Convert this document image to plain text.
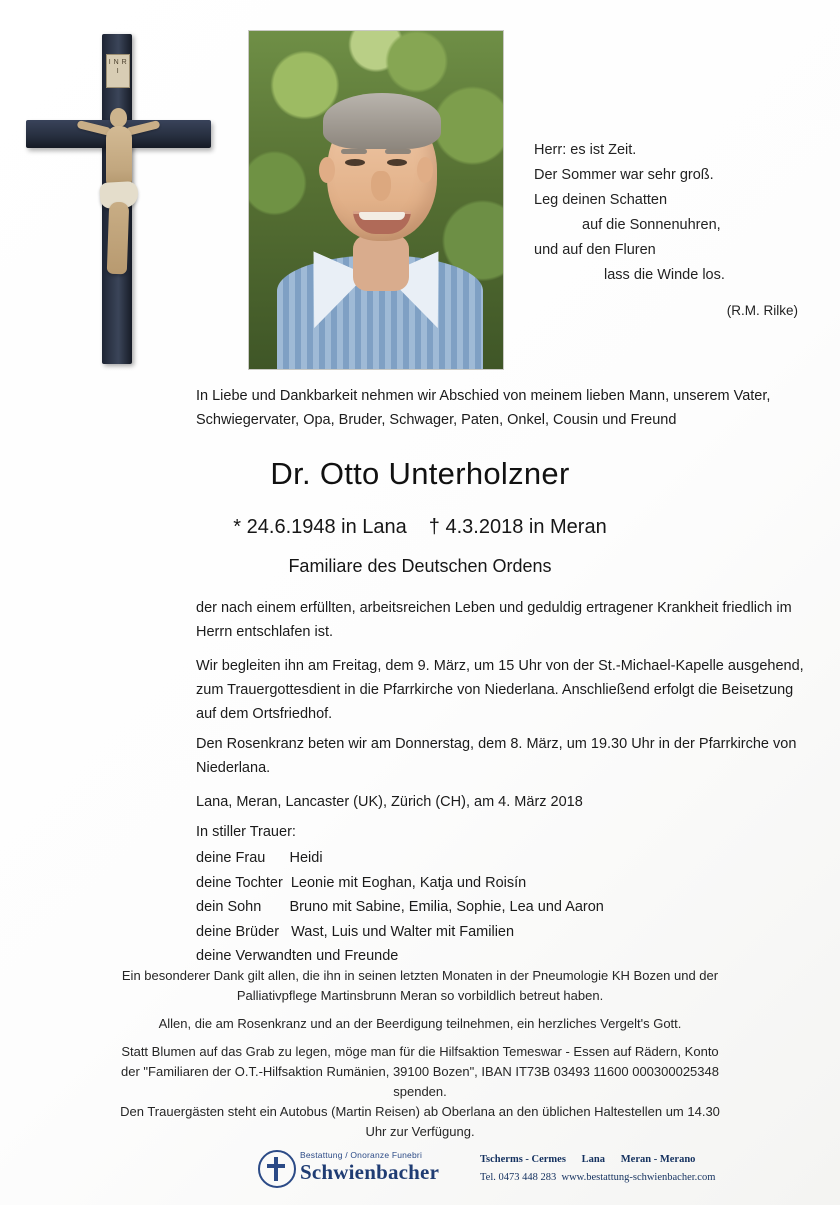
I N R I
Herr: es ist Zeit.
Der Sommer war sehr groß.
Leg deinen Schatten
auf die Sonnenuhren,
und auf den Fluren
lass die Winde los.
(R.M. Rilke)
In Liebe und Dankbarkeit nehmen wir Abschied von meinem lieben Mann, unserem Vater, Schwiegervater, Opa, Bruder, Schwager, Paten, Onkel, Cousin und Freund
Dr. Otto Unterholzner
* 24.6.1948 in Lana † 4.3.2018 in Meran
Familiare des Deutschen Ordens
der nach einem erfüllten, arbeitsreichen Leben und geduldig ertragener Krankheit friedlich im Herrn entschlafen ist.
Wir begleiten ihn am Freitag, dem 9. März, um 15 Uhr von der St.-Michael-Kapelle ausgehend, zum Trauergottesdient in die Pfarrkirche von Niederlana. Anschließend erfolgt die Beisetzung auf dem Ortsfriedhof.
Den Rosenkranz beten wir am Donnerstag, dem 8. März, um 19.30 Uhr in der Pfarrkirche von Niederlana.
Lana, Meran, Lancaster (UK), Zürich (CH), am 4. März 2018
In stiller Trauer:
deine Frau      Heidi
deine Tochter  Leonie mit Eoghan, Katja und Roisín
dein Sohn       Bruno mit Sabine, Emilia, Sophie, Lea und Aaron
deine Brüder   Wast, Luis und Walter mit Familien
deine Verwandten und Freunde
Ein besonderer Dank gilt allen, die ihn in seinen letzten Monaten in der Pneumologie KH Bozen und der Palliativpflege Martinsbrunn Meran so vorbildlich betreut haben.
Allen, die am Rosenkranz und an der Beerdigung teilnehmen, ein herzliches Vergelt's Gott.
Statt Blumen auf das Grab zu legen, möge man für die Hilfsaktion Temeswar - Essen auf Rädern, Konto der "Familiaren der O.T.-Hilfsaktion Rumänien, 39100 Bozen", IBAN IT73B 03493 11600 000300025348 spenden.
Den Trauergästen steht ein Autobus (Martin Reisen) ab Oberlana an den üblichen Haltestellen um 14.30 Uhr zur Verfügung.
Bestattung / Onoranze Funebri
Schwienbacher
Tscherms - Cermes      Lana      Meran - Merano
Tel. 0473 448 283  www.bestattung-schwienbacher.com
